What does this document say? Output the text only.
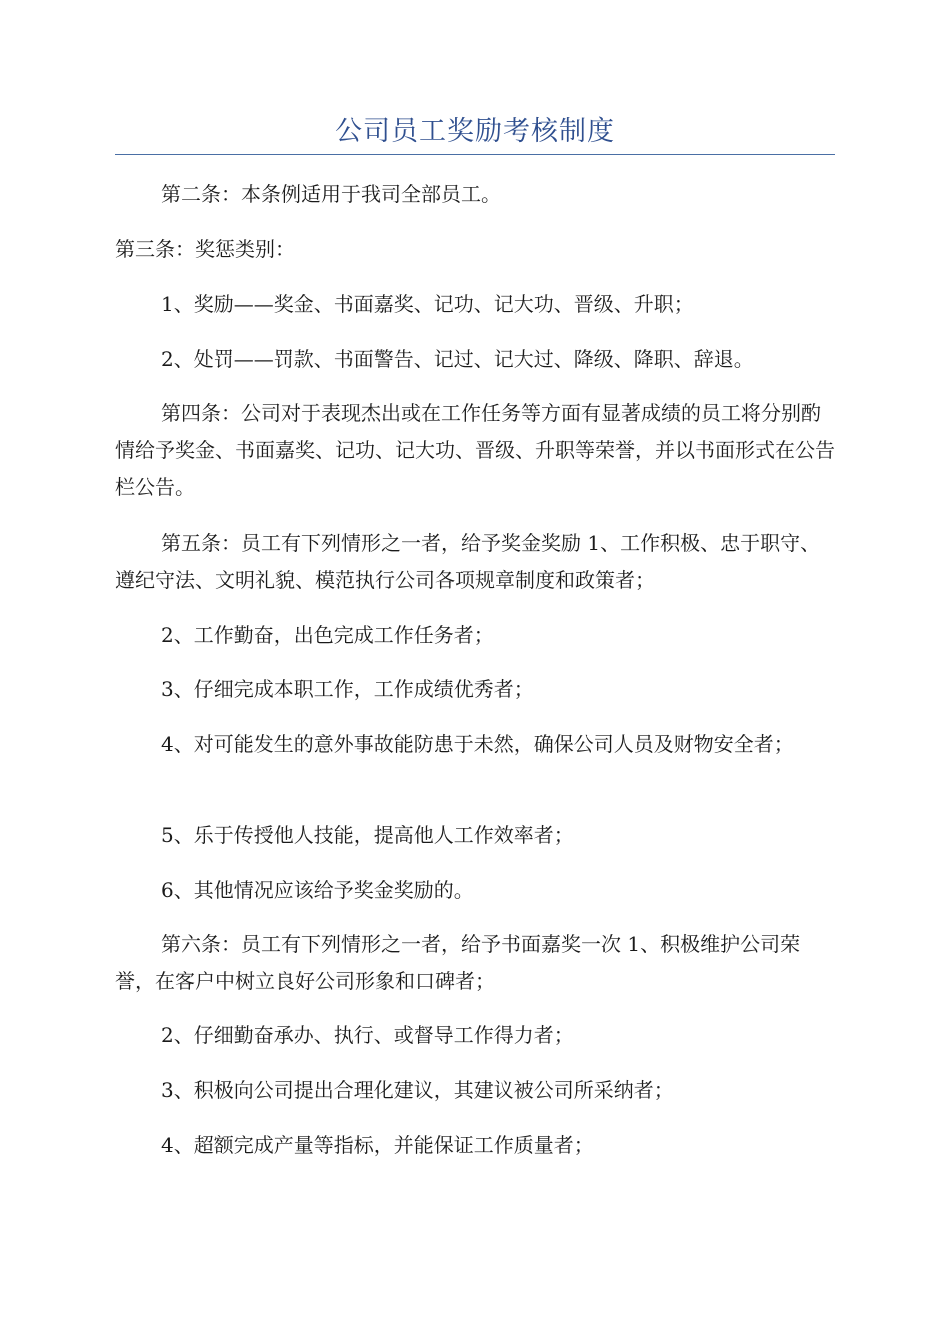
公司员工奖励考核制度

第二条：本条例适用于我司全部员工。

第三条：奖惩类别：

1、奖励——奖金、书面嘉奖、记功、记大功、晋级、升职；

2、处罚——罚款、书面警告、记过、记大过、降级、降职、辞退。

第四条：公司对于表现杰出或在工作任务等方面有显著成绩的员工将分别酌情给予奖金、书面嘉奖、记功、记大功、晋级、升职等荣誉，并以书面形式在公告栏公告。

第五条：员工有下列情形之一者，给予奖金奖励 1、工作积极、忠于职守、遵纪守法、文明礼貌、模范执行公司各项规章制度和政策者；

2、工作勤奋，出色完成工作任务者；

3、仔细完成本职工作，工作成绩优秀者；

4、对可能发生的意外事故能防患于未然，确保公司人员及财物安全者；

5、乐于传授他人技能，提高他人工作效率者；

6、其他情况应该给予奖金奖励的。

第六条：员工有下列情形之一者，给予书面嘉奖一次 1、积极维护公司荣誉，在客户中树立良好公司形象和口碑者；

2、仔细勤奋承办、执行、或督导工作得力者；

3、积极向公司提出合理化建议，其建议被公司所采纳者；

4、超额完成产量等指标，并能保证工作质量者；
